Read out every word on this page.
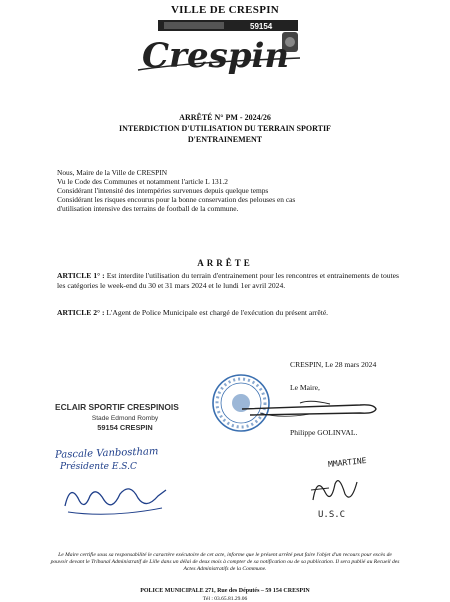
VILLE DE CRESPIN
59154
Crespin
ARRÊTÉ N° PM - 2024/26
INTERDICTION D'UTILISATION DU TERRAIN SPORTIF
D'ENTRAINEMENT
Nous, Maire de la Ville de CRESPIN
Vu le Code des Communes et notamment l'article L 131.2
Considérant l'intensité des intempéries survenues depuis quelque temps
Considérant les risques encourus pour la bonne conservation des pelouses en cas
d'utilisation intensive des terrains de football de la commune.
ARRÊTE
ARTICLE 1° : Est interdite l'utilisation du terrain d'entrainement pour les rencontres et entrainements de toutes les catégories le week-end du 30 et 31 mars 2024 et le lundi 1er avril 2024.
ARTICLE 2° : L'Agent de Police Municipale est chargé de l'exécution du présent arrêté.
CRESPIN, Le 28 mars 2024
Le Maire,
Philippe GOLINVAL.
ECLAIR SPORTIF CRESPINOIS
Stade Edmond Romby
59154 CRESPIN
Pascale Vanbostham
Présidente E.S.C	MMARTINE
U.S.C
Le Maire certifie sous sa responsabilité le caractère exécutoire de cet acte, informe que le présent arrêté peut faire l'objet d'un recours pour excès de pouvoir devant le Tribunal Administratif de Lille dans un délai de deux mois à compter de sa notification ou de sa publication. Il sera publié au Recueil des Actes Administratifs de la Commune.
POLICE MUNICIPALE 271, Rue des Députés – 59 154 CRESPIN
Tél : 03.65.81.29.06
